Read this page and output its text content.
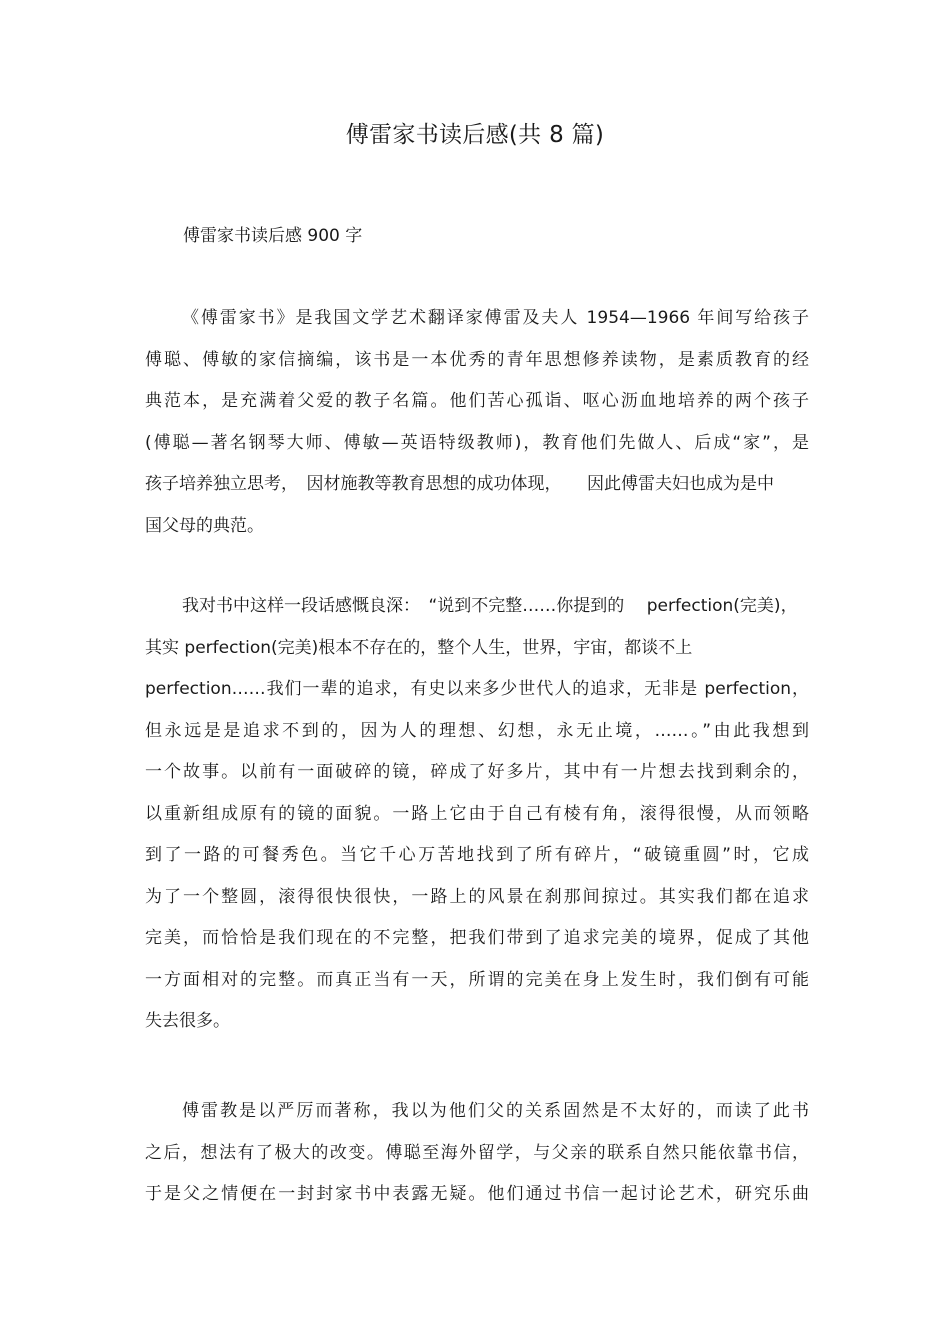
傅雷家书读后感(共 8 篇)
傅雷家书读后感 900 字
《傅雷家书》是我国文学艺术翻译家傅雷及夫人 1954—1966 年间写给孩子
傅聪、傅敏的家信摘编，该书是一本优秀的青年思想修养读物，是素质教育的经
典范本，是充满着父爱的教子名篇。他们苦心孤诣、呕心沥血地培养的两个孩子
(傅聪—著名钢琴大师、傅敏—英语特级教师)，教育他们先做人、后成“家”，是
孩子培养独立思考，　因材施教等教育思想的成功体现，　　因此傅雷夫妇也成为是中
国父母的典范。
我对书中这样一段话感慨良深：　“说到不完整……你提到的　 perfection(完美)，
其实 perfection(完美)根本不存在的，整个人生，世界，宇宙，都谈不上
perfection……我们一辈的追求，有史以来多少世代人的追求，无非是 perfection，
但永远是是追求不到的，因为人的理想、幻想，永无止境，……。”由此我想到
一个故事。以前有一面破碎的镜，碎成了好多片，其中有一片想去找到剩余的，
以重新组成原有的镜的面貌。一路上它由于自己有棱有角，滚得很慢，从而领略
到了一路的可餐秀色。当它千心万苦地找到了所有碎片，“破镜重圆”时，它成
为了一个整圆，滚得很快很快，一路上的风景在刹那间掠过。其实我们都在追求
完美，而恰恰是我们现在的不完整，把我们带到了追求完美的境界，促成了其他
一方面相对的完整。而真正当有一天，所谓的完美在身上发生时，我们倒有可能
失去很多。
傅雷教是以严厉而著称，我以为他们父的关系固然是不太好的，而读了此书
之后，想法有了极大的改变。傅聪至海外留学，与父亲的联系自然只能依靠书信，
于是父之情便在一封封家书中表露无疑。他们通过书信一起讨论艺术，研究乐曲
